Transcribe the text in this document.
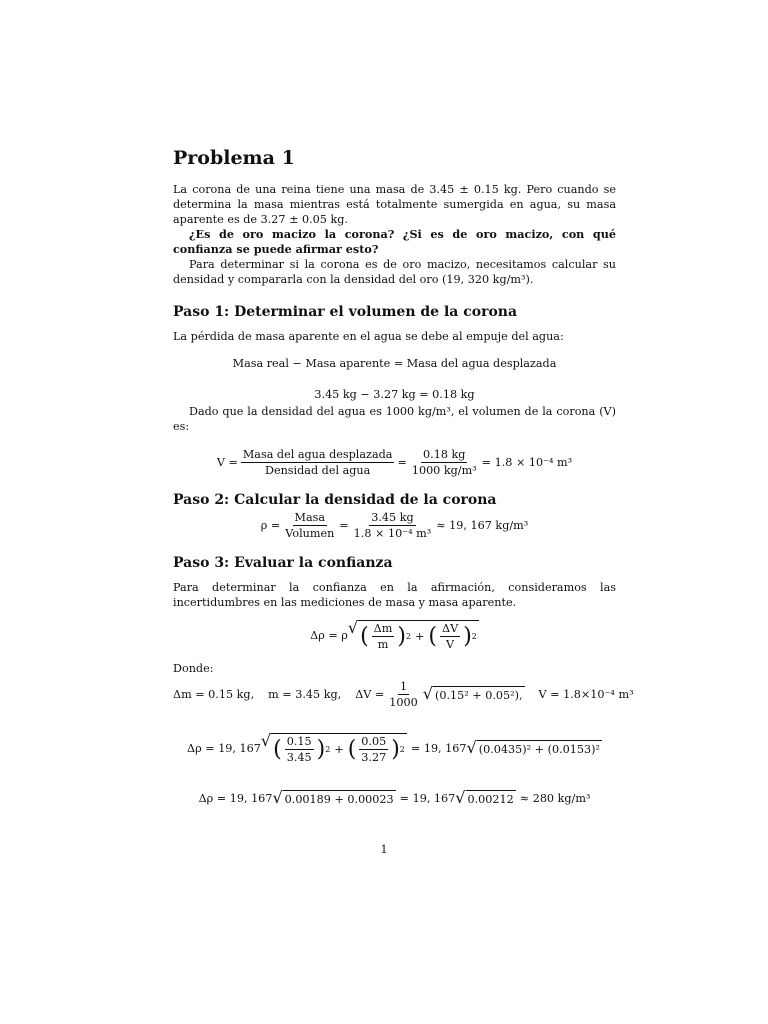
Problema 1

La corona de una reina tiene una masa de 3.45 ± 0.15 kg. Pero cuando se determina la masa mientras está totalmente sumergida en agua, su masa aparente es de 3.27 ± 0.05 kg.

¿Es de oro macizo la corona? ¿Si es de oro macizo, con qué confianza se puede afirmar esto?

Para determinar si la corona es de oro macizo, necesitamos calcular su densidad y compararla con la densidad del oro (19, 320 kg/m³).

Paso 1: Determinar el volumen de la corona

La pérdida de masa aparente en el agua se debe al empuje del agua:

Masa real − Masa aparente = Masa del agua desplazada
3.45 kg − 3.27 kg = 0.18 kg

Dado que la densidad del agua es 1000 kg/m³, el volumen de la corona (V) es:

$V = \frac{\text{Masa del agua desplazada}}{\text{Densidad del agua}} = \frac{0.18 kg}{\text{1000 kg/m³}} = 1.8 \times 10^{-4}$ m³
Paso 2: Calcular la densidad de la corona
$\rho = \frac{\text{Masa}}{\text{Volumen}} = \frac{3.45 kg}{\text{1.8 × 10⁻⁴ m³}} \approx 19$, 167 kg/m³
Paso 3: Evaluar la confianza

Para determinar la confianza en la afirmación, consideramos las incertidumbres en las mediciones de masa y masa aparente.

Δρ = ρ √ ( $\frac{\Delta m}{m}$ ) 2 + ( $\frac{\Delta V}{V}$ ) 2

Donde:

Δm = 0.15 kg, m = 3.45 kg, $\Delta V = \frac{1}{1000}$ √ (0.15² + 0.05²), V = 1.8×10⁻⁴ m³
Δρ = 19, 167 √ ( $\frac{0.15}{3.45}$ ) 2 + ( $\frac{0.05}{3.27}$ ) 2 = 19, 167 √ (0.0435)² + (0.0153)²
Δρ = 19, 167 √ 0.00189 + 0.00023 = 19, 167 √ 0.00212 ≈ 280 kg/m³
1
